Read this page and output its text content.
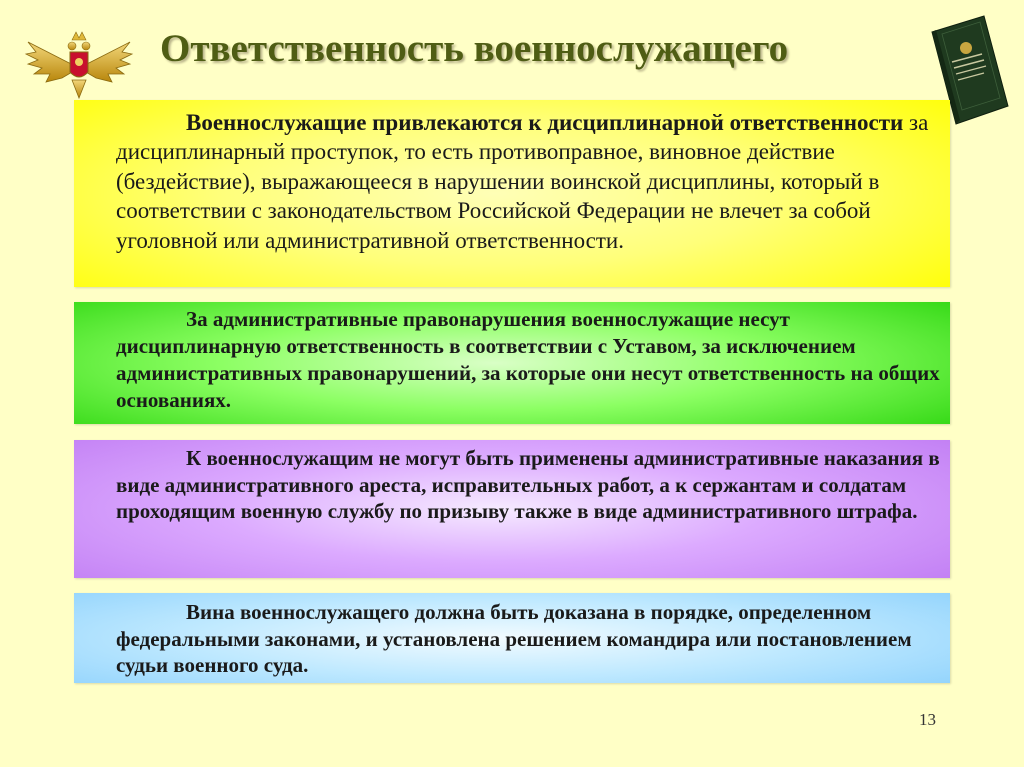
Ответственность военнослужащего

Военнослужащие привлекаются к дисциплинарной ответственности за дисциплинарный проступок, то есть противоправное, виновное действие (бездействие), выражающееся в нарушении воинской дисциплины, который в соответствии с законодательством Российской Федерации не влечет за собой уголовной или административной ответственности.

За административные правонарушения военнослужащие несут дисциплинарную ответственность в соответствии с Уставом, за исключением административных правонарушений, за которые они несут ответственность на общих основаниях.

К военнослужащим не могут быть применены административные наказания в виде административного ареста, исправительных работ, а к сержантам и солдатам проходящим военную службу по призыву также в виде административного штрафа.

Вина военнослужащего должна быть доказана в порядке, определенном федеральными законами, и установлена решением командира или постановлением судьи военного суда.

13
